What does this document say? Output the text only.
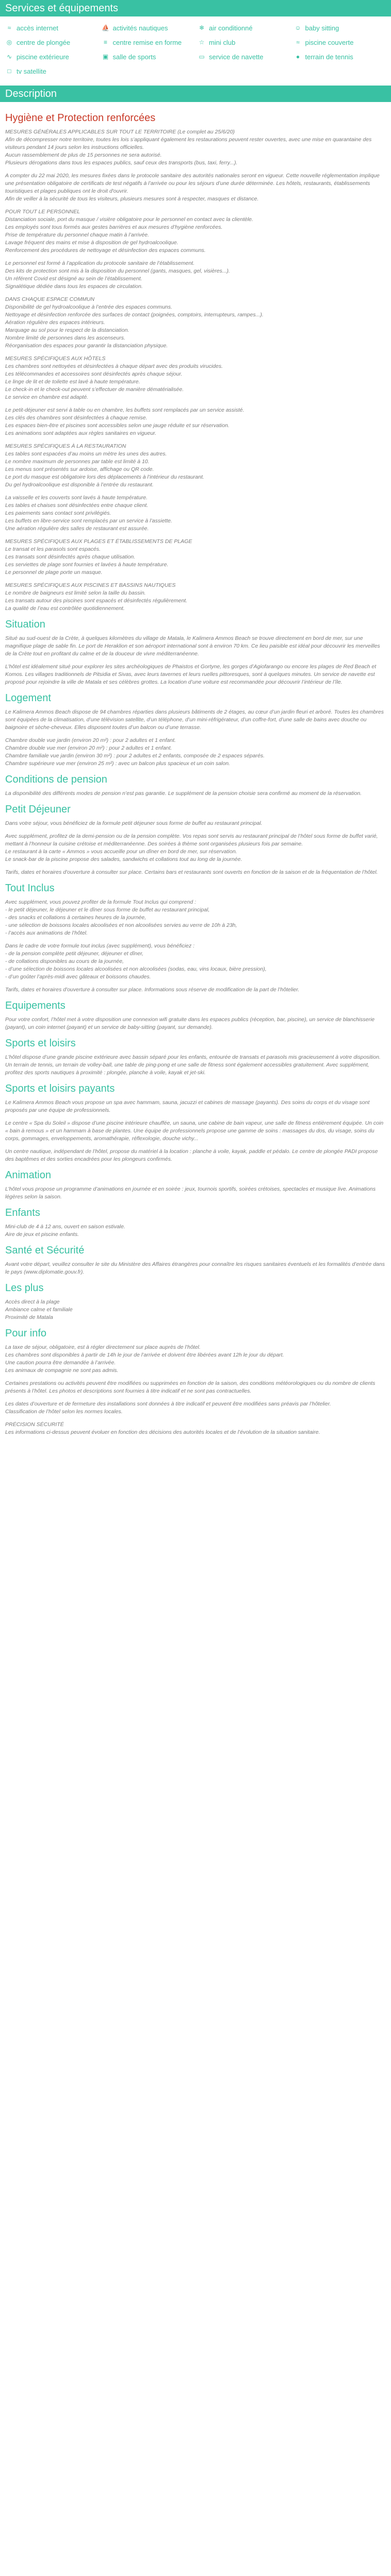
Services et équipements
≈ accès internet	⛵ activités nautiques	❄ air conditionné	☺ baby sitting
◎ centre de plongée	≡ centre remise en forme	☆ mini club	≈ piscine couverte
∿ piscine extérieure	▣ salle de sports	▭ service de navette	● terrain de tennis
□ tv satellite
Description
Hygiène et Protection renforcées

MESURES GÉNÉRALES APPLICABLES SUR TOUT LE TERRITOIRE (Le complet au 25/6/20)
Afin de décompresser notre territoire, toutes les lois s’appliquant également les restaurations peuvent rester ouvertes, avec une mise en quarantaine des visiteurs pendant 14 jours selon les instructions officielles.
Aucun rassemblement de plus de 15 personnes ne sera autorisé.
Plusieurs dérogations dans tous les espaces publics, sauf ceux des transports (bus, taxi, ferry...).

A compter du 22 mai 2020, les mesures fixées dans le protocole sanitaire des autorités nationales seront en vigueur. Cette nouvelle réglementation implique une présentation obligatoire de certificats de test négatifs à l’arrivée ou pour les séjours d’une durée déterminée. Les hôtels, restaurants, établissements touristiques et plages publiques ont le droit d'ouvrir.
Afin de veiller à la sécurité de tous les visiteurs, plusieurs mesures sont à respecter, masques et distance.

POUR TOUT LE PERSONNEL
Distanciation sociale, port du masque / visière obligatoire pour le personnel en contact avec la clientèle.
Les employés sont tous formés aux gestes barrières et aux mesures d’hygiène renforcées.
Prise de température du personnel chaque matin à l’arrivée.
Lavage fréquent des mains et mise à disposition de gel hydroalcoolique.
Renforcement des procédures de nettoyage et désinfection des espaces communs.

Le personnel est formé à l’application du protocole sanitaire de l’établissement.
Des kits de protection sont mis à la disposition du personnel (gants, masques, gel, visières...).
Un référent Covid est désigné au sein de l’établissement.
Signalétique dédiée dans tous les espaces de circulation.

DANS CHAQUE ESPACE COMMUN
Disponibilité de gel hydroalcoolique à l’entrée des espaces communs.
Nettoyage et désinfection renforcée des surfaces de contact (poignées, comptoirs, interrupteurs, rampes...).
Aération régulière des espaces intérieurs.
Marquage au sol pour le respect de la distanciation.
Nombre limité de personnes dans les ascenseurs.
Réorganisation des espaces pour garantir la distanciation physique.

MESURES SPÉCIFIQUES AUX HÔTELS
Les chambres sont nettoyées et désinfectées à chaque départ avec des produits virucides.
Les télécommandes et accessoires sont désinfectés après chaque séjour.
Le linge de lit et de toilette est lavé à haute température.
Le check-in et le check-out peuvent s’effectuer de manière dématérialisée.
Le service en chambre est adapté.

Le petit-déjeuner est servi à table ou en chambre, les buffets sont remplacés par un service assisté.
Les clés des chambres sont désinfectées à chaque remise.
Les espaces bien-être et piscines sont accessibles selon une jauge réduite et sur réservation.
Les animations sont adaptées aux règles sanitaires en vigueur.

MESURES SPÉCIFIQUES À LA RESTAURATION
Les tables sont espacées d’au moins un mètre les unes des autres.
Le nombre maximum de personnes par table est limité à 10.
Les menus sont présentés sur ardoise, affichage ou QR code.
Le port du masque est obligatoire lors des déplacements à l’intérieur du restaurant.
Du gel hydroalcoolique est disponible à l’entrée du restaurant.

La vaisselle et les couverts sont lavés à haute température.
Les tables et chaises sont désinfectées entre chaque client.
Les paiements sans contact sont privilégiés.
Les buffets en libre-service sont remplacés par un service à l’assiette.
Une aération régulière des salles de restaurant est assurée.

MESURES SPÉCIFIQUES AUX PLAGES ET ÉTABLISSEMENTS DE PLAGE
Le transat et les parasols sont espacés.
Les transats sont désinfectés après chaque utilisation.
Les serviettes de plage sont fournies et lavées à haute température.
Le personnel de plage porte un masque.

MESURES SPÉCIFIQUES AUX PISCINES ET BASSINS NAUTIQUES
Le nombre de baigneurs est limité selon la taille du bassin.
Les transats autour des piscines sont espacés et désinfectés régulièrement.
La qualité de l’eau est contrôlée quotidiennement.

Situation

Situé au sud-ouest de la Crète, à quelques kilomètres du village de Matala, le Kalimera Ammos Beach se trouve directement en bord de mer, sur une magnifique plage de sable fin. Le port de Heraklion et son aéroport international sont à environ 70 km. Ce lieu paisible est idéal pour découvrir les merveilles de la Crète tout en profitant du calme et de la douceur de vivre méditerranéenne.

L’hôtel est idéalement situé pour explorer les sites archéologiques de Phaistos et Gortyne, les gorges d’Agiofarango ou encore les plages de Red Beach et Komos. Les villages traditionnels de Pitsidia et Sivas, avec leurs tavernes et leurs ruelles pittoresques, sont à quelques minutes. Un service de navette est proposé pour rejoindre la ville de Matala et ses célèbres grottes. La location d’une voiture est recommandée pour découvrir l’intérieur de l’île.

Logement

Le Kalimera Ammos Beach dispose de 94 chambres réparties dans plusieurs bâtiments de 2 étages, au cœur d’un jardin fleuri et arboré. Toutes les chambres sont équipées de la climatisation, d’une télévision satellite, d’un téléphone, d’un mini-réfrigérateur, d’un coffre-fort, d’une salle de bains avec douche ou baignoire et sèche-cheveux. Elles disposent toutes d’un balcon ou d’une terrasse.

Chambre double vue jardin (environ 20 m²) : pour 2 adultes et 1 enfant.
Chambre double vue mer (environ 20 m²) : pour 2 adultes et 1 enfant.
Chambre familiale vue jardin (environ 30 m²) : pour 2 adultes et 2 enfants, composée de 2 espaces séparés.
Chambre supérieure vue mer (environ 25 m²) : avec un balcon plus spacieux et un coin salon.

Conditions de pension

La disponibilité des différents modes de pension n’est pas garantie. Le supplément de la pension choisie sera confirmé au moment de la réservation.

Petit Déjeuner

Dans votre séjour, vous bénéficiez de la formule petit déjeuner sous forme de buffet au restaurant principal.

Avec supplément, profitez de la demi-pension ou de la pension complète. Vos repas sont servis au restaurant principal de l’hôtel sous forme de buffet varié, mettant à l’honneur la cuisine crétoise et méditerranéenne. Des soirées à thème sont organisées plusieurs fois par semaine.
Le restaurant à la carte « Ammos » vous accueille pour un dîner en bord de mer, sur réservation.
Le snack-bar de la piscine propose des salades, sandwichs et collations tout au long de la journée.

Tarifs, dates et horaires d'ouverture à consulter sur place. Certains bars et restaurants sont ouverts en fonction de la saison et de la fréquentation de l’hôtel.

Tout Inclus

Avec supplément, vous pouvez profiter de la formule Tout Inclus qui comprend :
- le petit déjeuner, le déjeuner et le dîner sous forme de buffet au restaurant principal,
- des snacks et collations à certaines heures de la journée,
- une sélection de boissons locales alcoolisées et non alcoolisées servies au verre de 10h à 23h,
- l’accès aux animations de l’hôtel.

Dans le cadre de votre formule tout inclus (avec supplément), vous bénéficiez :
- de la pension complète petit déjeuner, déjeuner et dîner,
- de collations disponibles au cours de la journée,
- d’une sélection de boissons locales alcoolisées et non alcoolisées (sodas, eau, vins locaux, bière pression),
- d’un goûter l’après-midi avec gâteaux et boissons chaudes.

Tarifs, dates et horaires d'ouverture à consulter sur place. Informations sous réserve de modification de la part de l’hôtelier.

Equipements

Pour votre confort, l’hôtel met à votre disposition une connexion wifi gratuite dans les espaces publics (réception, bar, piscine), un service de blanchisserie (payant), un coin internet (payant) et un service de baby-sitting (payant, sur demande).

Sports et loisirs

L’hôtel dispose d’une grande piscine extérieure avec bassin séparé pour les enfants, entourée de transats et parasols mis gracieusement à votre disposition. Un terrain de tennis, un terrain de volley-ball, une table de ping-pong et une salle de fitness sont également accessibles gratuitement. Avec supplément, profitez des sports nautiques à proximité : plongée, planche à voile, kayak et jet-ski.

Sports et loisirs payants

Le Kalimera Ammos Beach vous propose un spa avec hammam, sauna, jacuzzi et cabines de massage (payants). Des soins du corps et du visage sont proposés par une équipe de professionnels.

Le centre « Spa du Soleil » dispose d’une piscine intérieure chauffée, un sauna, une cabine de bain vapeur, une salle de fitness entièrement équipée. Un coin « bain à remous » et un hammam à base de plantes. Une équipe de professionnels propose une gamme de soins : massages du dos, du visage, soins du corps, gommages, enveloppements, aromathérapie, réflexologie, douche vichy...

Un centre nautique, indépendant de l’hôtel, propose du matériel à la location : planche à voile, kayak, paddle et pédalo. Le centre de plongée PADI propose des baptêmes et des sorties encadrées pour les plongeurs confirmés.

Animation

L’hôtel vous propose un programme d’animations en journée et en soirée : jeux, tournois sportifs, soirées crétoises, spectacles et musique live. Animations légères selon la saison.

Enfants

Mini-club de 4 à 12 ans, ouvert en saison estivale.
Aire de jeux et piscine enfants.

Santé et Sécurité

Avant votre départ, veuillez consulter le site du Ministère des Affaires étrangères pour connaître les risques sanitaires éventuels et les formalités d’entrée dans le pays (www.diplomatie.gouv.fr).

Les plus

Accès direct à la plage
Ambiance calme et familiale
Proximité de Matala

Pour info

La taxe de séjour, obligatoire, est à régler directement sur place auprès de l’hôtel.
Les chambres sont disponibles à partir de 14h le jour de l’arrivée et doivent être libérées avant 12h le jour du départ.
Une caution pourra être demandée à l’arrivée.
Les animaux de compagnie ne sont pas admis.

Certaines prestations ou activités peuvent être modifiées ou supprimées en fonction de la saison, des conditions météorologiques ou du nombre de clients présents à l’hôtel. Les photos et descriptions sont fournies à titre indicatif et ne sont pas contractuelles.

Les dates d’ouverture et de fermeture des installations sont données à titre indicatif et peuvent être modifiées sans préavis par l’hôtelier.
Classification de l’hôtel selon les normes locales.

PRÉCISION SÉCURITÉ
Les informations ci-dessus peuvent évoluer en fonction des décisions des autorités locales et de l’évolution de la situation sanitaire.
